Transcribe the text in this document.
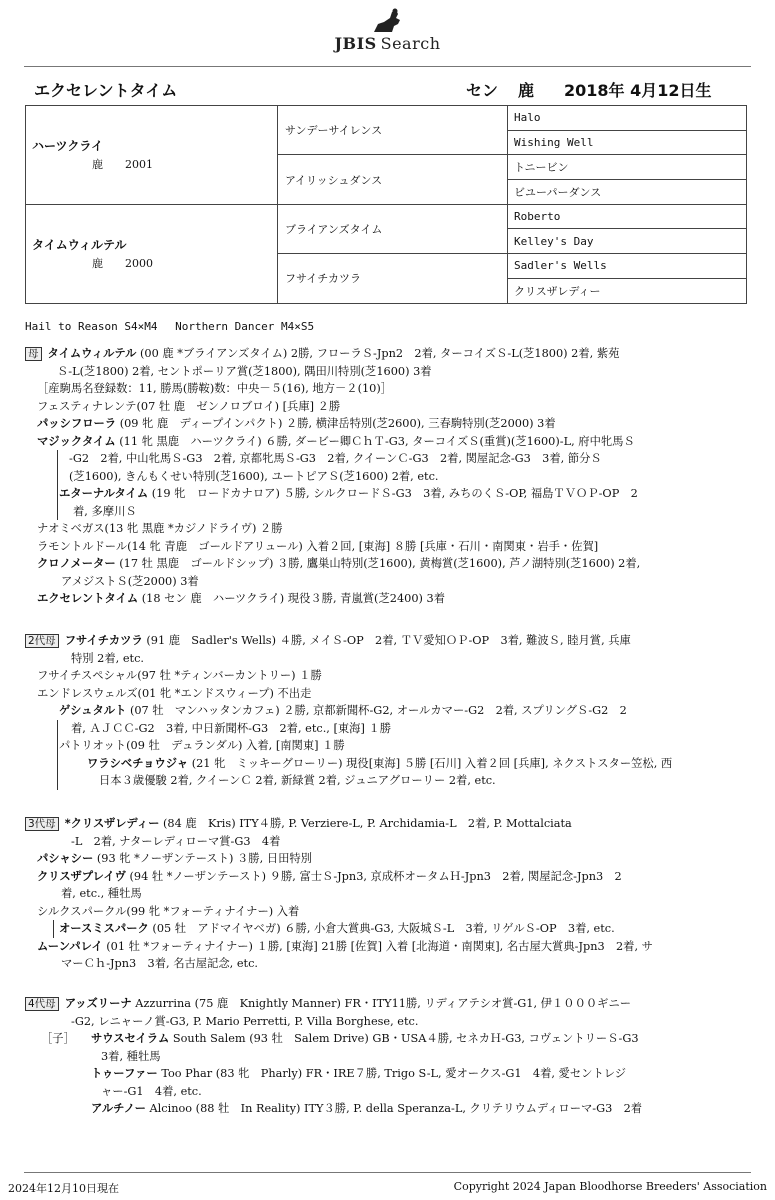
JBIS Search
エクセレントタイム	セン 鹿 2018年 4月12日生
ハーツクライ
鹿　　2001	サンデーサイレンス	Halo
		Wishing Well
	アイリッシュダンス	トニービン
		ビユーパーダンス

タイムウィルテル
鹿　　2000	ブライアンズタイム	Roberto
		Kelley's Day
	フサイチカツラ	Sadler's Wells
		クリスザレディー
Hail to Reason S4×M4　 Northern Dancer M4×S5
母 タイムウィルテル (00 鹿 *ブライアンズタイム) 2勝, フローラＳ-Jpn2　2着, ターコイズＳ-L(芝1800) 2着, 紫苑
Ｓ-L(芝1800) 2着, セントポーリア賞(芝1800), 隅田川特別(芝1600) 3着
［産駒馬名登録数：11, 勝馬(勝鞍)数：中央－５(16), 地方－２(10)］
フェスティナレンテ(07 牡 鹿　ゼンノロブロイ) [兵庫] ２勝
パッシフローラ (09 牝 鹿　ディープインパクト) ２勝, 横津岳特別(芝2600), 三春駒特別(芝2000) 3着
マジックタイム (11 牝 黒鹿　ハーツクライ) ６勝, ダービー卿ＣｈＴ-G3, ターコイズＳ(重賞)(芝1600)-L, 府中牝馬Ｓ
-G2　2着, 中山牝馬Ｓ-G3　2着, 京都牝馬Ｓ-G3　2着, クイーンＣ-G3　2着, 関屋記念-G3　3着, 節分Ｓ
(芝1600), きんもくせい特別(芝1600), ユートピアＳ(芝1600) 2着, etc.
エターナルタイム (19 牝　ロードカナロア) ５勝, シルクロードＳ-G3　3着, みちのくＳ-OP, 福島ＴＶＯＰ-OP　2
着, 多摩川Ｓ
ナオミベガス(13 牝 黒鹿 *カジノドライヴ) ２勝
ラモントルドール(14 牝 青鹿　ゴールドアリュール) 入着２回, [東海] ８勝 [兵庫・石川・南関東・岩手・佐賀]
クロノメーター (17 牡 黒鹿　ゴールドシップ) ３勝, 鷹巣山特別(芝1600), 黄梅賞(芝1600), 芦ノ湖特別(芝1600) 2着,
アメジストＳ(芝2000) 3着
エクセレントタイム (18 セン 鹿　ハーツクライ) 現役３勝, 青嵐賞(芝2400) 3着
2代母 フサイチカツラ (91 鹿　Sadler's Wells) ４勝, メイＳ-OP　2着, ＴＶ愛知ＯＰ-OP　3着, 難波Ｓ, 睦月賞, 兵庫
特別 2着, etc.
フサイチスペシャル(97 牡 *ティンバーカントリー) １勝
エンドレスウェルズ(01 牝 *エンドスウィープ) 不出走
ゲシュタルト (07 牡　マンハッタンカフェ) ２勝, 京都新聞杯-G2, オールカマー-G2　2着, スプリングＳ-G2　2
着, ＡＪＣＣ-G2　3着, 中日新聞杯-G3　2着, etc., [東海] １勝
パトリオット(09 牡　デュランダル) 入着, [南関東] １勝
ワラシベチョウジャ (21 牝　ミッキーグローリー) 現役[東海] ５勝 [石川] 入着２回 [兵庫], ネクストスター笠松, 西
日本３歳優駿 2着, クイーンＣ 2着, 新緑賞 2着, ジュニアグローリー 2着, etc.
3代母 *クリスザレディー (84 鹿　Kris) ITY４勝, P. Verziere-L, P. Archidamia-L　2着, P. Mottalciata
-L　2着, ナターレディローマ賞-G3　4着
パシャシー (93 牝 *ノーザンテースト) ３勝, 日田特別
クリスザプレイヴ (94 牡 *ノーザンテースト) ９勝, 富士Ｓ-Jpn3, 京成杯オータムＨ-Jpn3　2着, 関屋記念-Jpn3　2
着, etc., 種牡馬
シルクスパークル(99 牝 *フォーティナイナー) 入着
オースミスパーク (05 牡　アドマイヤベガ) ６勝, 小倉大賞典-G3, 大阪城Ｓ-L　3着, リゲルＳ-OP　3着, etc.
ムーンパレイ (01 牡 *フォーティナイナー) １勝, [東海] 21勝 [佐賀] 入着 [北海道・南関東], 名古屋大賞典-Jpn3　2着, サ
マーＣｈ-Jpn3　3着, 名古屋記念, etc.
4代母 アッズリーナ Azzurrina (75 鹿　Knightly Manner) FR・ITY11勝, リディアテシオ賞-G1, 伊１０００ギニー
-G2, レニャーノ賞-G3, P. Mario Perretti, P. Villa Borghese, etc.
［子］ サウスセイラム South Salem (93 牡　Salem Drive) GB・USA４勝, セネカＨ-G3, コヴェントリーＳ-G3
3着, 種牡馬
トゥーファー Too Phar (83 牝　Pharly) FR・IRE７勝, Trigo S-L, 愛オークス-G1　4着, 愛セントレジ
ャー-G1　4着, etc.
アルチノー Alcinoo (88 牡　In Reality) ITY３勝, P. della Speranza-L, クリテリウムディローマ-G3　2着
2024年12月10日現在	Copyright 2024 Japan Bloodhorse Breeders' Association
